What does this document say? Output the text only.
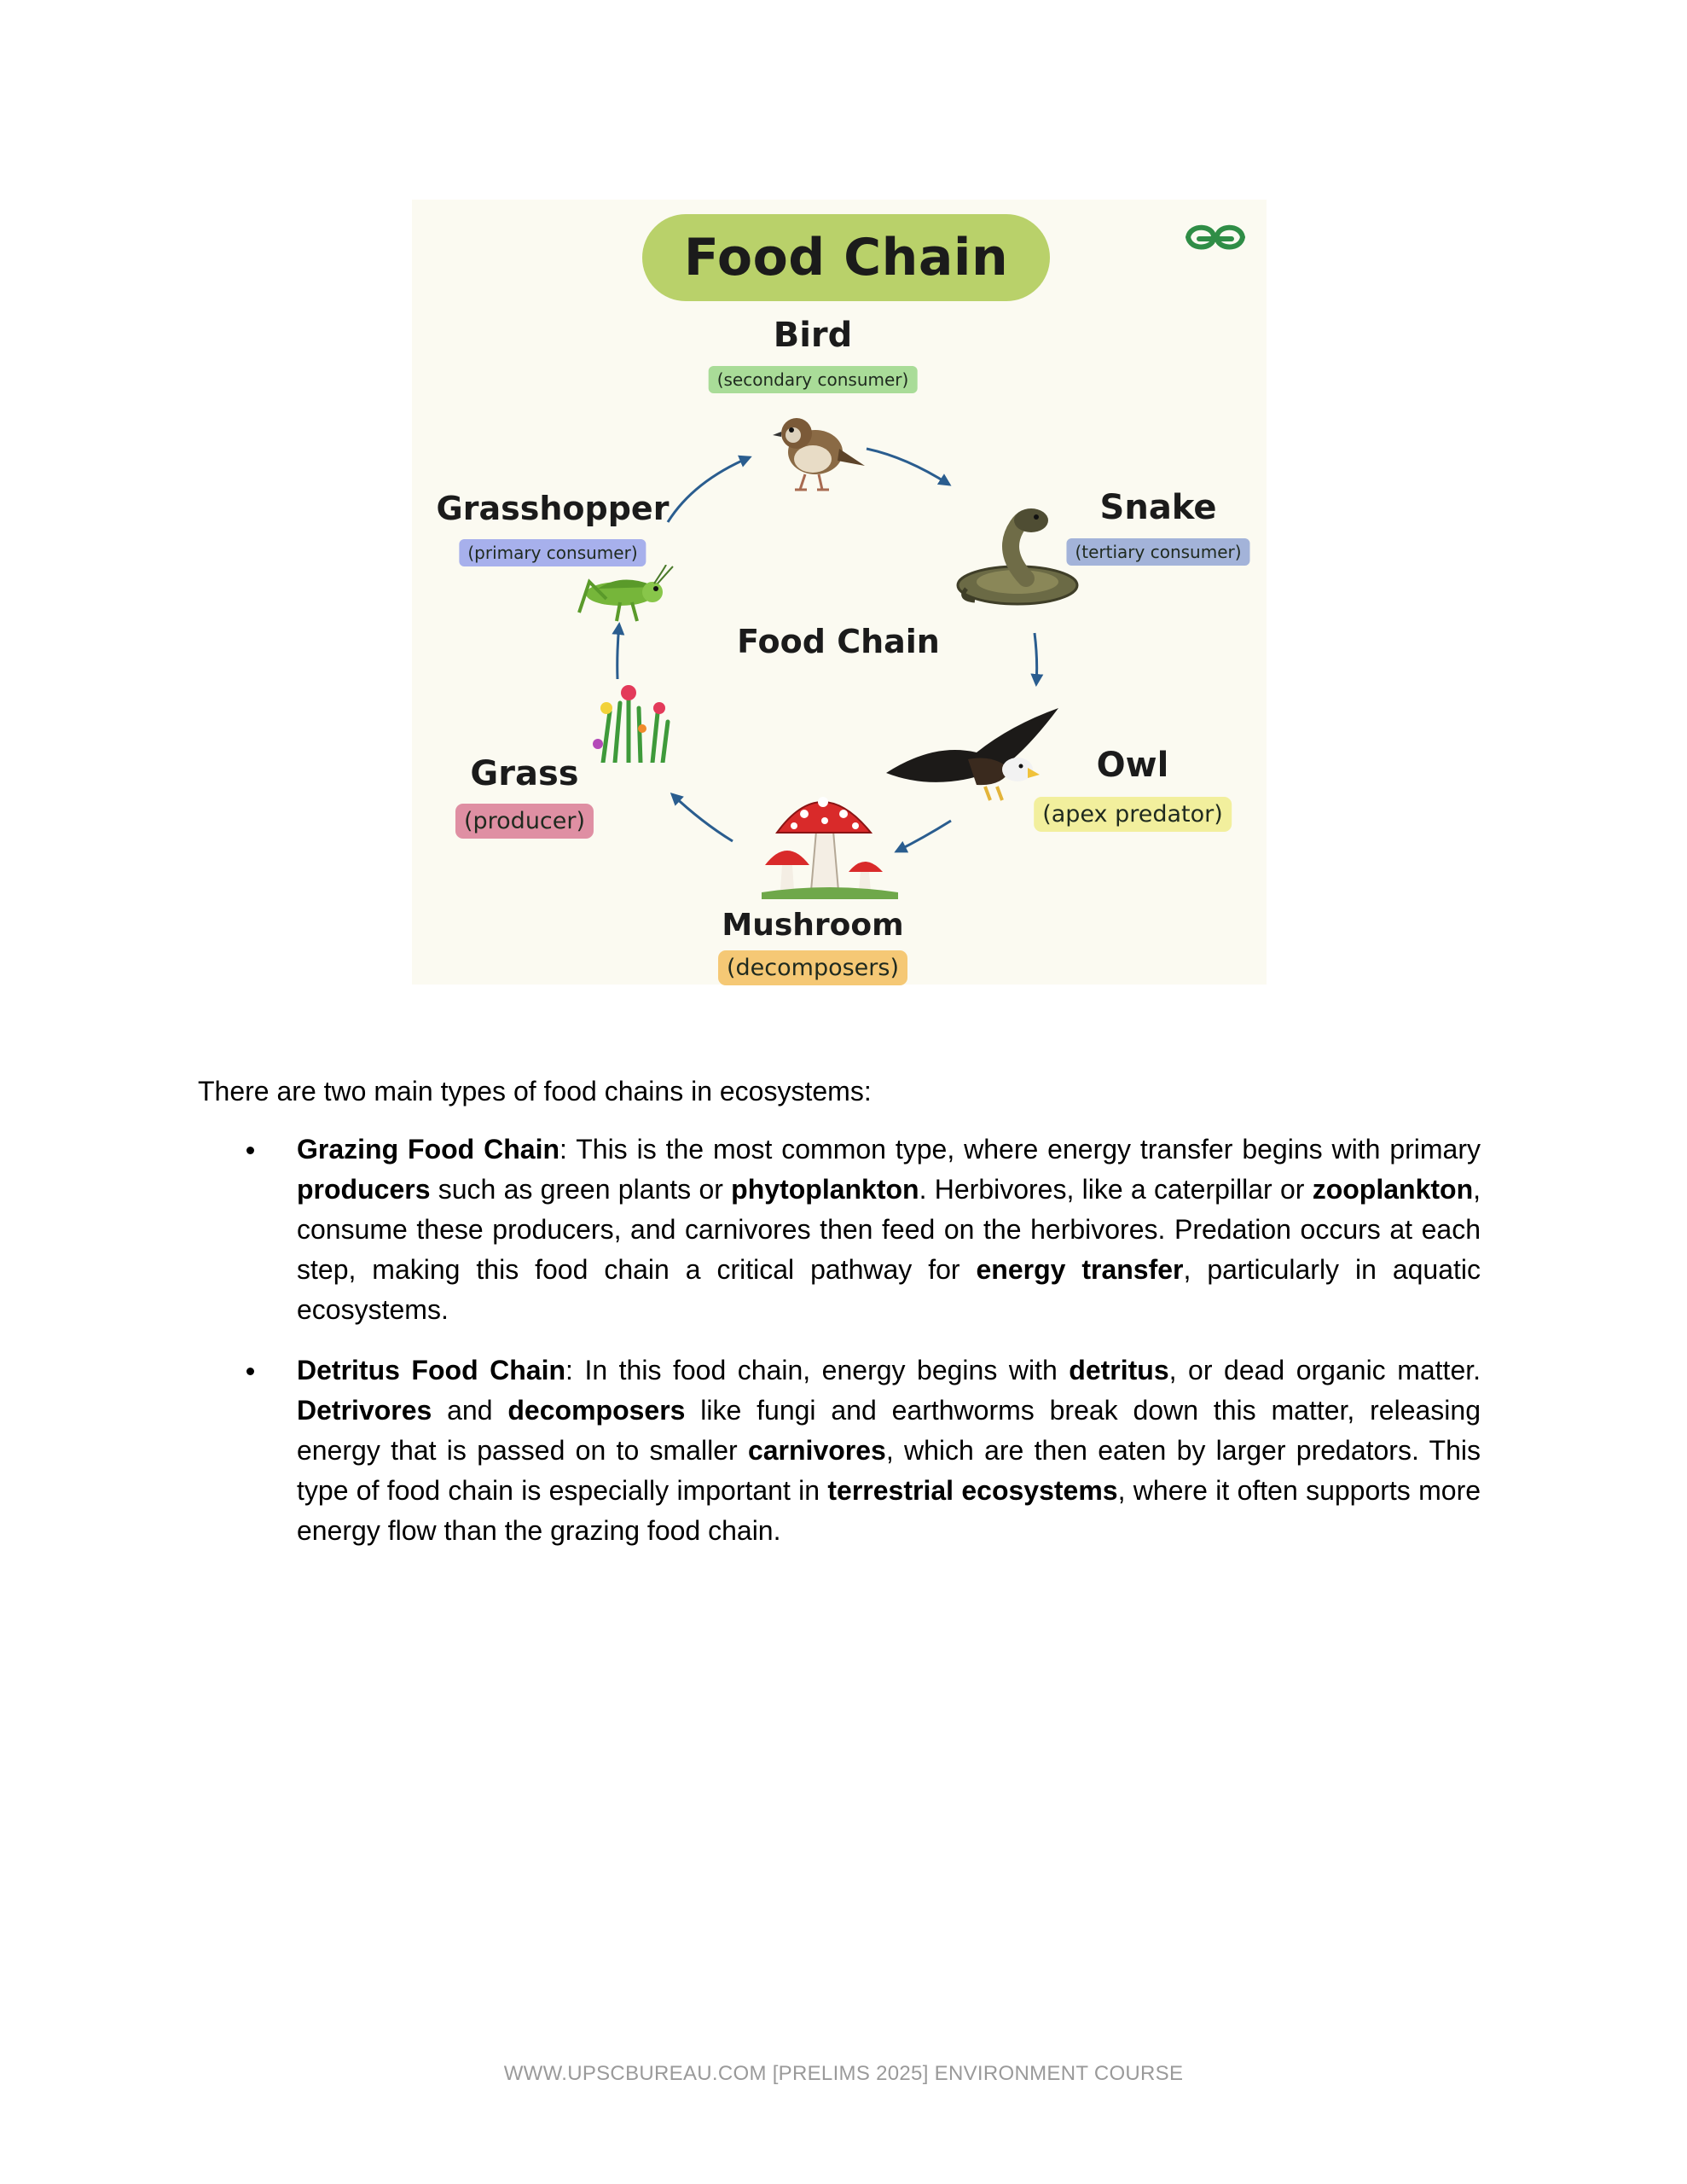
Food Chain
Bird
(secondary consumer)
Snake
(tertiary consumer)
Owl
(apex predator)
Mushroom
(decomposers)
Grass
(producer)
Grasshopper
(primary consumer)
Food Chain

There are two main types of food chains in ecosystems:

Grazing Food Chain: This is the most common type, where energy transfer begins with primary producers such as green plants or phytoplankton. Herbivores, like a caterpillar or zooplankton, consume these producers, and carnivores then feed on the herbivores. Predation occurs at each step, making this food chain a critical pathway for energy transfer, particularly in aquatic ecosystems.
Detritus Food Chain: In this food chain, energy begins with detritus, or dead organic matter. Detrivores and decomposers like fungi and earthworms break down this matter, releasing energy that is passed on to smaller carnivores, which are then eaten by larger predators. This type of food chain is especially important in terrestrial ecosystems, where it often supports more energy flow than the grazing food chain.
WWW.UPSCBUREAU.COM [PRELIMS 2025] ENVIRONMENT COURSE
